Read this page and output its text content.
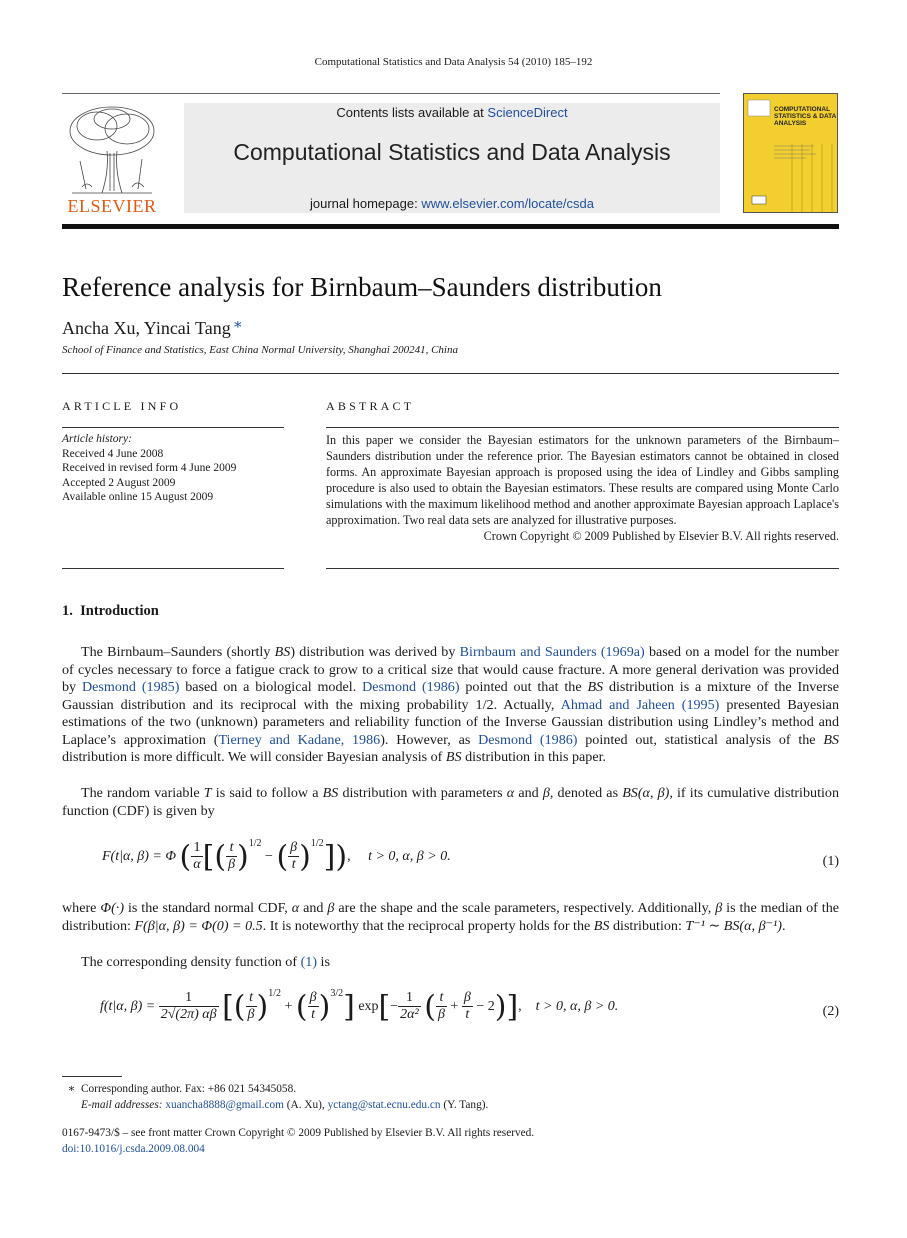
Computational Statistics and Data Analysis 54 (2010) 185–192
ELSEVIER
Contents lists available at ScienceDirect
Computational Statistics and Data Analysis
journal homepage: www.elsevier.com/locate/csda
COMPUTATIONAL STATISTICS & DATA ANALYSIS
Reference analysis for Birnbaum–Saunders distribution
Ancha Xu, Yincai Tang ∗
School of Finance and Statistics, East China Normal University, Shanghai 200241, China
ARTICLE INFO
Article history:
Received 4 June 2008
Received in revised form 4 June 2009
Accepted 2 August 2009
Available online 15 August 2009
ABSTRACT
In this paper we consider the Bayesian estimators for the unknown parameters of the Birnbaum–Saunders distribution under the reference prior. The Bayesian estimators cannot be obtained in closed forms. An approximate Bayesian approach is proposed using the idea of Lindley and Gibbs sampling procedure is also used to obtain the Bayesian estimators. These results are compared using Monte Carlo simulations with the maximum likelihood method and another approximate Bayesian approach Laplace's approximation. Two real data sets are analyzed for illustrative purposes.
Crown Copyright © 2009 Published by Elsevier B.V. All rights reserved.
1. Introduction
The Birnbaum–Saunders (shortly BS) distribution was derived by Birnbaum and Saunders (1969a) based on a model for the number of cycles necessary to force a fatigue crack to grow to a critical size that would cause fracture. A more general derivation was provided by Desmond (1985) based on a biological model. Desmond (1986) pointed out that the BS distribution is a mixture of the Inverse Gaussian distribution and its reciprocal with the mixing probability 1/2. Actually, Ahmad and Jaheen (1995) presented Bayesian estimations of the two (unknown) parameters and reliability function of the Inverse Gaussian distribution using Lindley’s method and Laplace’s approximation (Tierney and Kadane, 1986). However, as Desmond (1986) pointed out, statistical analysis of the BS distribution is more difficult. We will consider Bayesian analysis of BS distribution in this paper.
The random variable T is said to follow a BS distribution with parameters α and β, denoted as BS(α, β), if its cumulative distribution function (CDF) is given by
F(t|α, β) = Φ ( $\frac{1}{\alpha}$ [( $\frac{t}{\beta} )^{1/2}$ − ( $\frac{\beta}{t} )^{1/2}$]),     t > 0, α, β > 0.	(1)
where Φ(·) is the standard normal CDF, α and β are the shape and the scale parameters, respectively. Additionally, β is the median of the distribution: F(β|α, β) = Φ(0) = 0.5. It is noteworthy that the reciprocal property holds for the BS distribution: T⁻¹ ∼ BS(α, β⁻¹).
The corresponding density function of (1) is
f(t|α, $\beta) = \frac{1}{2√(2\pi) \alpha\beta}$ [( $\frac{t}{\beta} )^{1/2}$ + ( $\frac{\beta}{t} )^{3/2}$] $\exp[- \frac{1}{\text{2α²}}$ ( $\frac{t}{\beta} + \frac{\beta}{t} - 2$)],    t > 0, α, β > 0.	(2)
∗ Corresponding author. Fax: +86 021 54345058.
E-mail addresses: xuancha8888@gmail.com (A. Xu), yctang@stat.ecnu.edu.cn (Y. Tang).
0167-9473/$ – see front matter Crown Copyright © 2009 Published by Elsevier B.V. All rights reserved.
doi:10.1016/j.csda.2009.08.004
